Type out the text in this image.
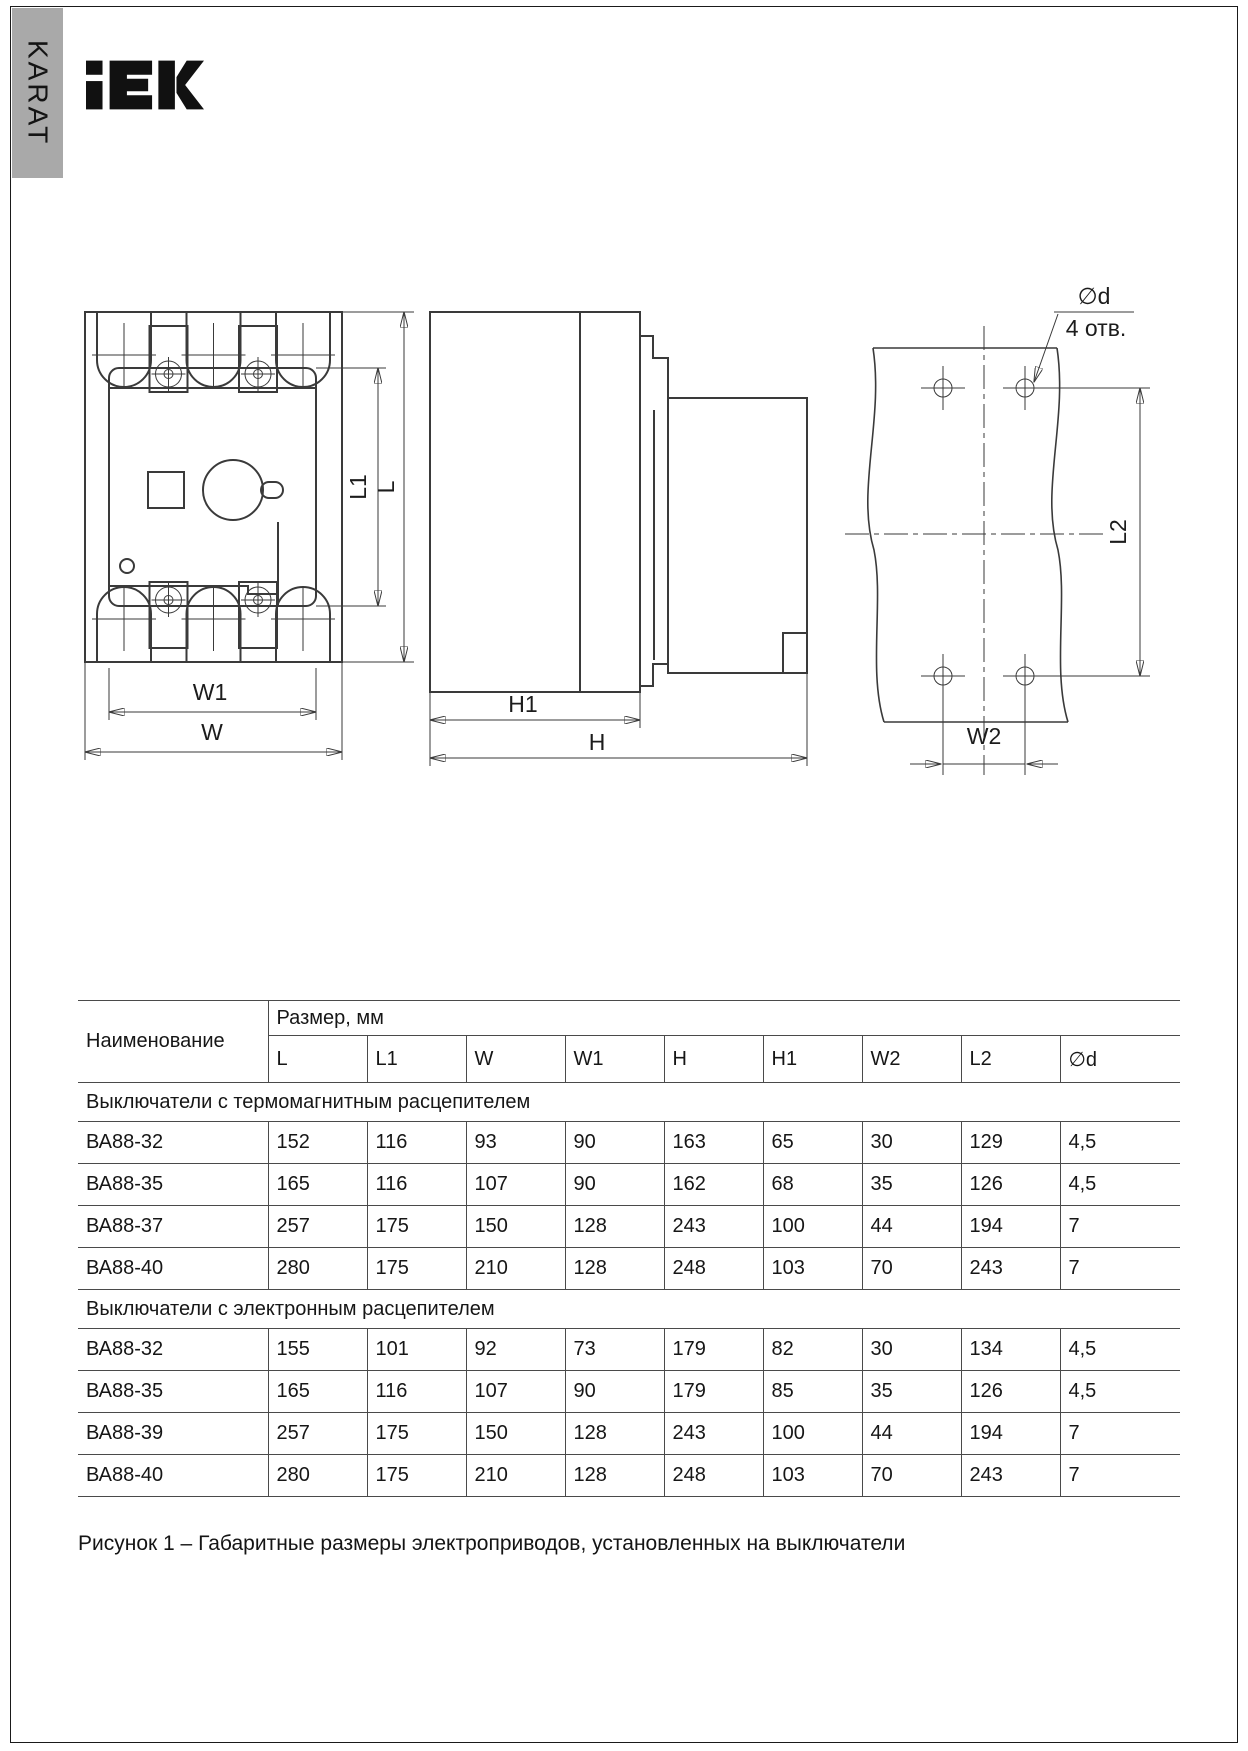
KARAT
L1 L
W1
W
H1
H
∅d
4 отв.
L2
W2
Наименование	Размер, мм								
	L	L1	W	W1	H	H1	W2	L2	∅d
Выключатели с термомагнитным расцепителем									
ВА88-32	152	116	93	90	163	65	30	129	4,5
ВА88-35	165	116	107	90	162	68	35	126	4,5
ВА88-37	257	175	150	128	243	100	44	194	7
ВА88-40	280	175	210	128	248	103	70	243	7
Выключатели с электронным расцепителем									
ВА88-32	155	101	92	73	179	82	30	134	4,5
ВА88-35	165	116	107	90	179	85	35	126	4,5
ВА88-39	257	175	150	128	243	100	44	194	7
ВА88-40	280	175	210	128	248	103	70	243	7
Рисунок 1 – Габаритные размеры электроприводов, установленных на выключатели
